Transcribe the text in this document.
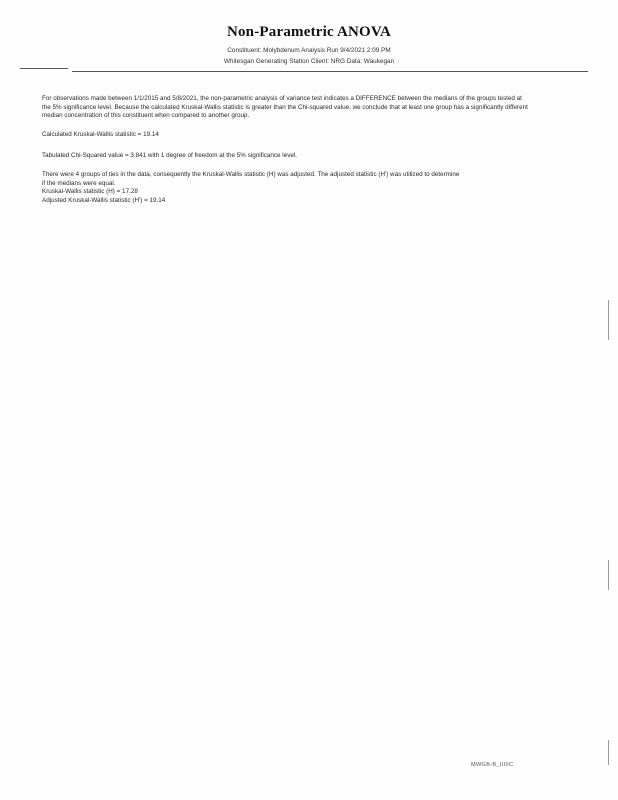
Non-Parametric ANOVA
Constituent: Molybdenum Analysis Run 9/4/2021 2:09 PM
Whitesgan Generating Station Client: NRG Data: Waukegan
For observations made between 1/1/2015 and 5/8/2021, the non-parametric analysis of variance test indicates a DIFFERENCE between the medians of the groups tested at the 5% significance level. Because the calculated Kruskal-Wallis statistic is greater than the Chi-squared value, we conclude that at least one group has a significantly different median concentration of this constituent when compared to another group.
Calculated Kruskal-Wallis statistic = 19.14
Tabulated Chi-Squared value = 3.841 with 1 degree of freedom at the 5% significance level.
There were 4 groups of ties in the data, consequently the Kruskal-Wallis statistic (H) was adjusted. The adjusted statistic (H') was utilized to determine
if the medians were equal.
Kruskal-Wallis statistic (H) = 17.28
Adjusted Kruskal-Wallis statistic (H') = 19.14
MWGB-B_IIIIIC
